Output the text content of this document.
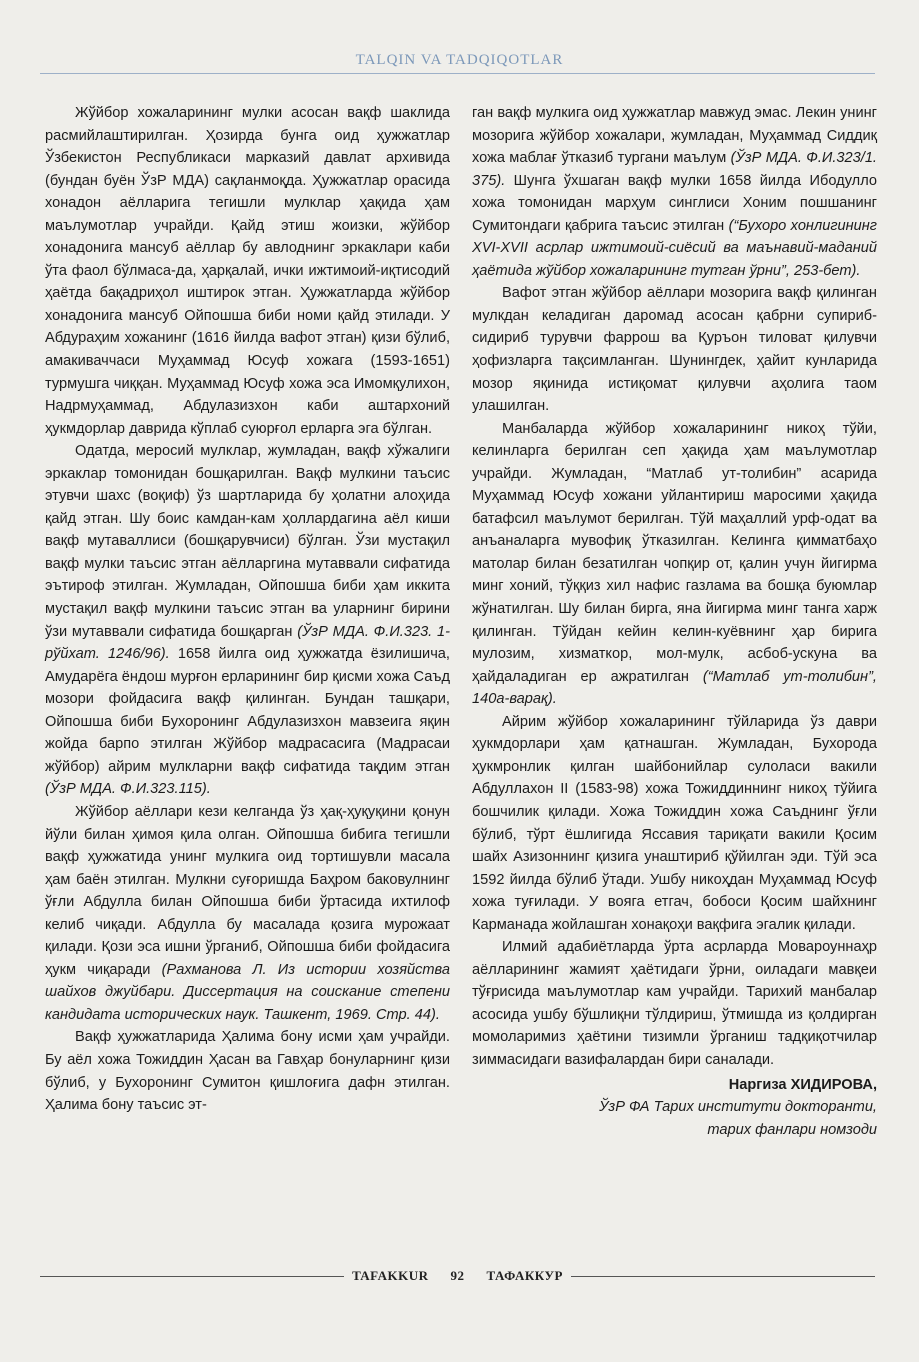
TALQIN VA TADQIQOTLAR

Жўйбор хожаларининг мулки асосан вақф шаклида расмийлаштирилган. Ҳозирда бунга оид ҳужжатлар Ўзбекистон Республикаси марказий давлат архивида (бундан буён ЎзР МДА) сақланмоқда. Ҳужжатлар орасида хонадон аёлларига тегишли мулклар ҳақида ҳам маълумотлар учрайди. Қайд этиш жоизки, жўйбор хонадонига мансуб аёллар бу авлоднинг эркаклари каби ўта фаол бўлмаса-да, ҳарқалай, ички ижтимоий-иқтисодий ҳаётда бақадриҳол иштирок этган. Ҳужжатларда жўйбор хонадонига мансуб Ойпошша биби номи қайд этилади. У Абдураҳим хожанинг (1616 йилда вафот этган) қизи бўлиб, амакиваччаси Муҳаммад Юсуф хожага (1593-1651) турмушга чиққан. Муҳаммад Юсуф хожа эса Имомқулихон, Надрмуҳаммад, Абдулазизхон каби аштархоний ҳукмдорлар даврида кўплаб суюрғол ерларга эга бўлган.

Одатда, меросий мулклар, жумладан, вақф хўжалиги эркаклар томонидан бошқарилган. Вақф мулкини таъсис этувчи шахс (воқиф) ўз шартларида бу ҳолатни алоҳида қайд этган. Шу боис камдан-кам ҳоллардагина аёл киши вақф мутаваллиси (бошқарувчиси) бўлган. Ўзи мустақил вақф мулки таъсис этган аёлларгина мутаввали сифатида эътироф этилган. Жумладан, Ойпошша биби ҳам иккита мустақил вақф мулкини таъсис этган ва уларнинг бирини ўзи мутаввали сифатида бошқарган (ЎзР МДА. Ф.И.323. 1-рўйхат. 1246/96). 1658 йилга оид ҳужжатда ёзилишича, Амударёга ёндош мурғон ерларининг бир қисми хожа Саъд мозори фойдасига вақф қилинган. Бундан ташқари, Ойпошша биби Бухоронинг Абдулазизхон мавзеига яқин жойда барпо этилган Жўйбор мадрасасига (Мадрасаи жўйбор) айрим мулкларни вақф сифатида тақдим этган (ЎзР МДА. Ф.И.323.115).

Жўйбор аёллари кези келганда ўз ҳақ-ҳуқуқини қонун йўли билан ҳимоя қила олган. Ойпошша бибига тегишли вақф ҳужжатида унинг мулкига оид тортишувли масала ҳам баён этилган. Мулкни суғоришда Баҳром баковулнинг ўғли Абдулла билан Ойпошша биби ўртасида ихтилоф келиб чиқади. Абдулла бу масалада қозига мурожаат қилади. Қози эса ишни ўрганиб, Ойпошша биби фойдасига ҳукм чиқаради (Рахманова Л. Из истории хозяйства шайхов джуйбари. Диссертация на соискание степени кандидата исторических наук. Ташкент, 1969. Стр. 44).

Вақф ҳужжатларида Ҳалима бону исми ҳам учрайди. Бу аёл хожа Тожиддин Ҳасан ва Гавҳар бонуларнинг қизи бўлиб, у Бухоронинг Сумитон қишлоғига дафн этилган. Ҳалима бону таъсис эт-

ган вақф мулкига оид ҳужжатлар мавжуд эмас. Лекин унинг мозорига жўйбор хожалари, жумладан, Муҳаммад Сиддиқ хожа маблағ ўтказиб тургани маълум (ЎзР МДА. Ф.И.323/1. 375). Шунга ўхшаган вақф мулки 1658 йилда Ибодулло хожа томонидан марҳум синглиси Хоним пошшанинг Сумитондаги қабрига таъсис этилган (“Бухоро хонлигининг XVI-XVII асрлар ижтимоий-сиёсий ва маънавий-маданий ҳаётида жўйбор хожаларининг тутган ўрни”, 253-бет).

Вафот этган жўйбор аёллари мозорига вақф қилинган мулкдан келадиган даромад асосан қабрни супириб-сидириб турувчи фаррош ва Қуръон тиловат қилувчи ҳофизларга тақсимланган. Шунингдек, ҳайит кунларида мозор яқинида истиқомат қилувчи аҳолига таом улашилган.

Манбаларда жўйбор хожаларининг никоҳ тўйи, келинларга берилган сеп ҳақида ҳам маълумотлар учрайди. Жумладан, “Матлаб ут-толибин” асарида Муҳаммад Юсуф хожани уйлантириш маросими ҳақида батафсил маълумот берилган. Тўй маҳаллий урф-одат ва анъаналарга мувофиқ ўтказилган. Келинга қимматбаҳо матолар билан безатилган чопқир от, қалин учун йигирма минг хоний, тўққиз хил нафис газлама ва бошқа буюмлар жўнатилган. Шу билан бирга, яна йигирма минг танга харж қилинган. Тўйдан кейин келин-куёвнинг ҳар бирига мулозим, хизматкор, мол-мулк, асбоб-ускуна ва ҳайдаладиган ер ажратилган (“Матлаб ут-толибин”, 140а-варақ).

Айрим жўйбор хожаларининг тўйларида ўз даври ҳукмдорлари ҳам қатнашган. Жумладан, Бухорода ҳукмронлик қилган шайбонийлар сулоласи вакили Абдуллахон II (1583-98) хожа Тожиддиннинг никоҳ тўйига бошчилик қилади. Хожа Тожиддин хожа Саъднинг ўғли бўлиб, тўрт ёшлигида Яссавия тариқати вакили Қосим шайх Азизоннинг қизига унаштириб қўйилган эди. Тўй эса 1592 йилда бўлиб ўтади. Ушбу никоҳдан Муҳаммад Юсуф хожа туғилади. У вояга етгач, бобоси Қосим шайхнинг Карманада жойлашган хонақоҳи вақфига эгалик қилади.

Илмий адабиётларда ўрта асрларда Мовароуннаҳр аёлларининг жамият ҳаётидаги ўрни, оиладаги мавқеи тўғрисида маълумотлар кам учрайди. Тарихий манбалар асосида ушбу бўшлиқни тўлдириш, ўтмишда из қолдирган момоларимиз ҳаётини тизимли ўрганиш тадқиқотчилар зиммасидаги вазифалардан бири саналади.

Наргиза ХИДИРОВА,
ЎзР ФА Тарих институти докторанти,
тарих фанлари номзоди
TAFAKKUR	92	ТАФАККУР
